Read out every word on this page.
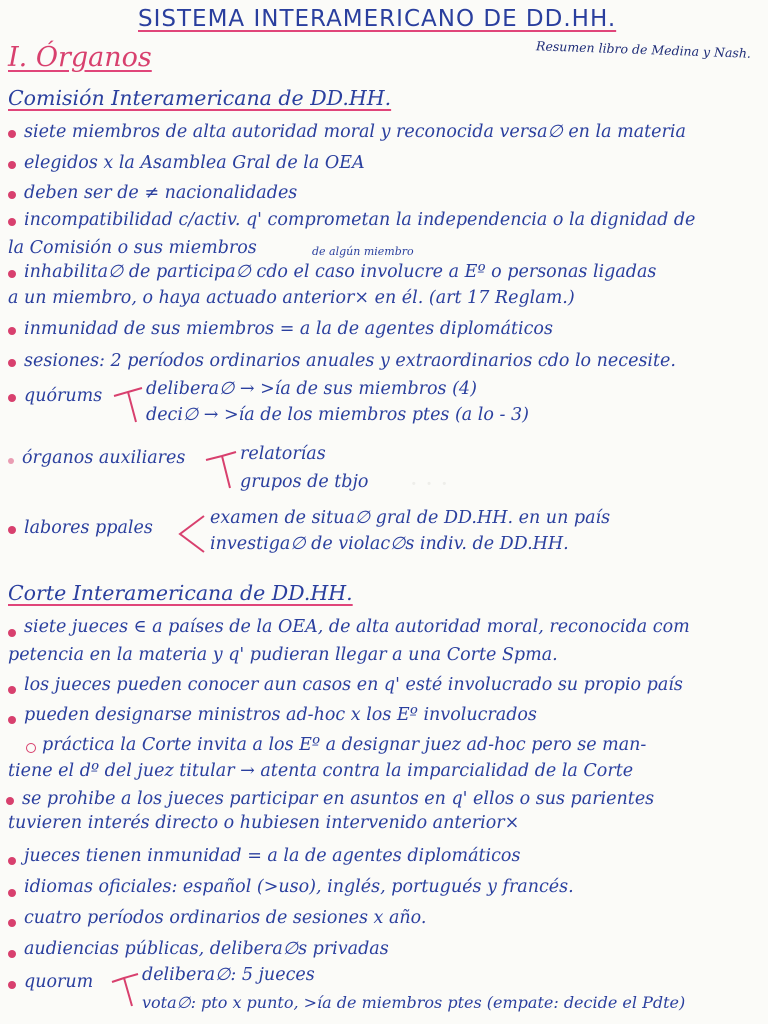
SISTEMA INTERAMERICANO DE DD.HH.
I. Órganos	Resumen libro de Medina y Nash.
Comisión Interamericana de DD.HH.
siete miembros de alta autoridad moral y reconocida versa∅ en la materia
elegidos x la Asamblea Gral de la OEA
deben ser de ≠ nacionalidades
incompatibilidad c/activ. q' comprometan la independencia o la dignidad de
la Comisión o sus miembros	de algún miembro
inhabilita∅ de participa∅ cdo el caso involucre a Eº o personas ligadas
a un miembro, o haya actuado anterior× en él. (art 17 Reglam.)
inmunidad de sus miembros = a la de agentes diplomáticos
sesiones: 2 períodos ordinarios anuales y extraordinarios cdo lo necesite.
quórums	delibera∅ → >ía de sus miembros (4)
deci∅ → >ía de los miembros ptes (a lo - 3)
órganos auxiliares	relatorías
grupos de tbjo
labores ppales	examen de situa∅ gral de DD.HH. en un país
investiga∅ de violac∅s indiv. de DD.HH.
· · ·
Corte Interamericana de DD.HH.
siete jueces ∈ a países de la OEA, de alta autoridad moral, reconocida com
petencia en la materia y q' pudieran llegar a una Corte Spma.
los jueces pueden conocer aun casos en q' esté involucrado su propio país
pueden designarse ministros ad-hoc x los Eº involucrados
práctica la Corte invita a los Eº a designar juez ad-hoc pero se man-
tiene el dº del juez titular → atenta contra la imparcialidad de la Corte
se prohibe a los jueces participar en asuntos en q' ellos o sus parientes
tuvieren interés directo o hubiesen intervenido anterior×
jueces tienen inmunidad = a la de agentes diplomáticos
idiomas oficiales: español (>uso), inglés, portugués y francés.
cuatro períodos ordinarios de sesiones x año.
audiencias públicas, delibera∅s privadas
quorum	delibera∅: 5 jueces
vota∅: pto x punto, >ía de miembros ptes (empate: decide el Pdte)
